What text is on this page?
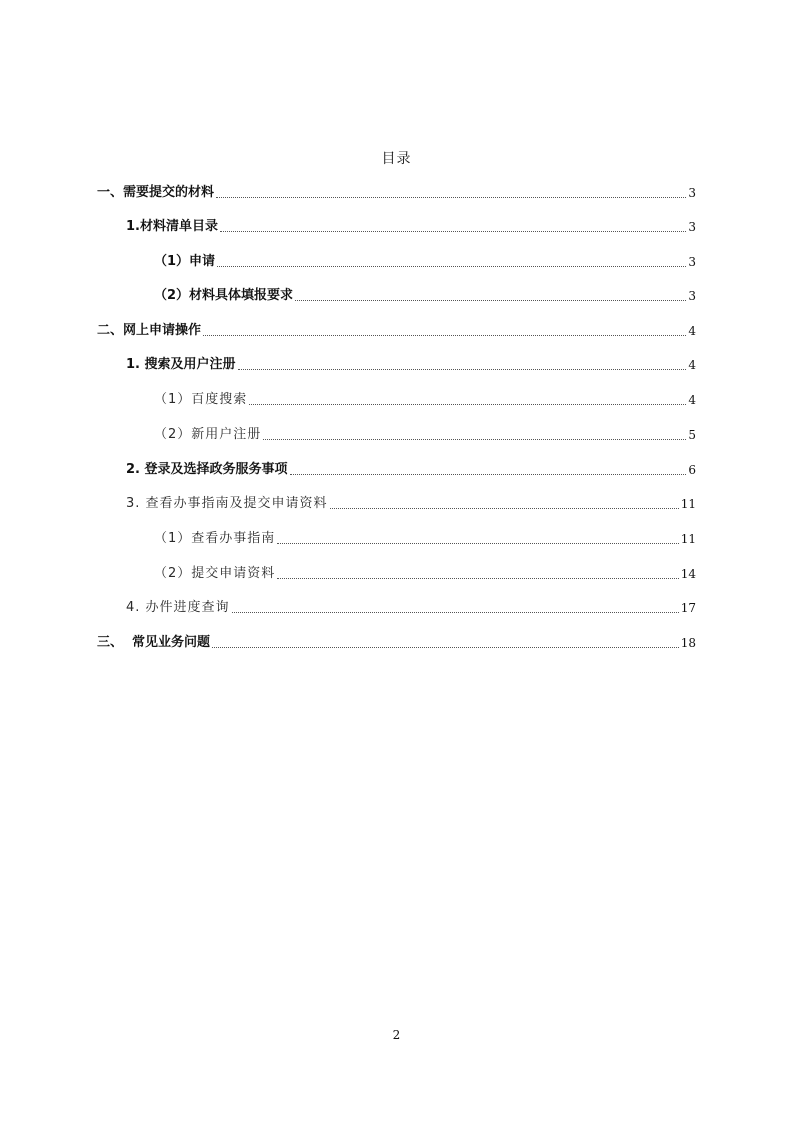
目录
一、需要提交的材料	3
1.材料清单目录	3
（1）申请	3
（2）材料具体填报要求	3
二、网上申请操作	4
1. 搜索及用户注册	4
（1）百度搜索	4
（2）新用户注册	5
2. 登录及选择政务服务事项	6
3. 查看办事指南及提交申请资料	11
（1）查看办事指南	11
（2）提交申请资料	14
4. 办件进度查询	17
三、  常见业务问题	18
2
